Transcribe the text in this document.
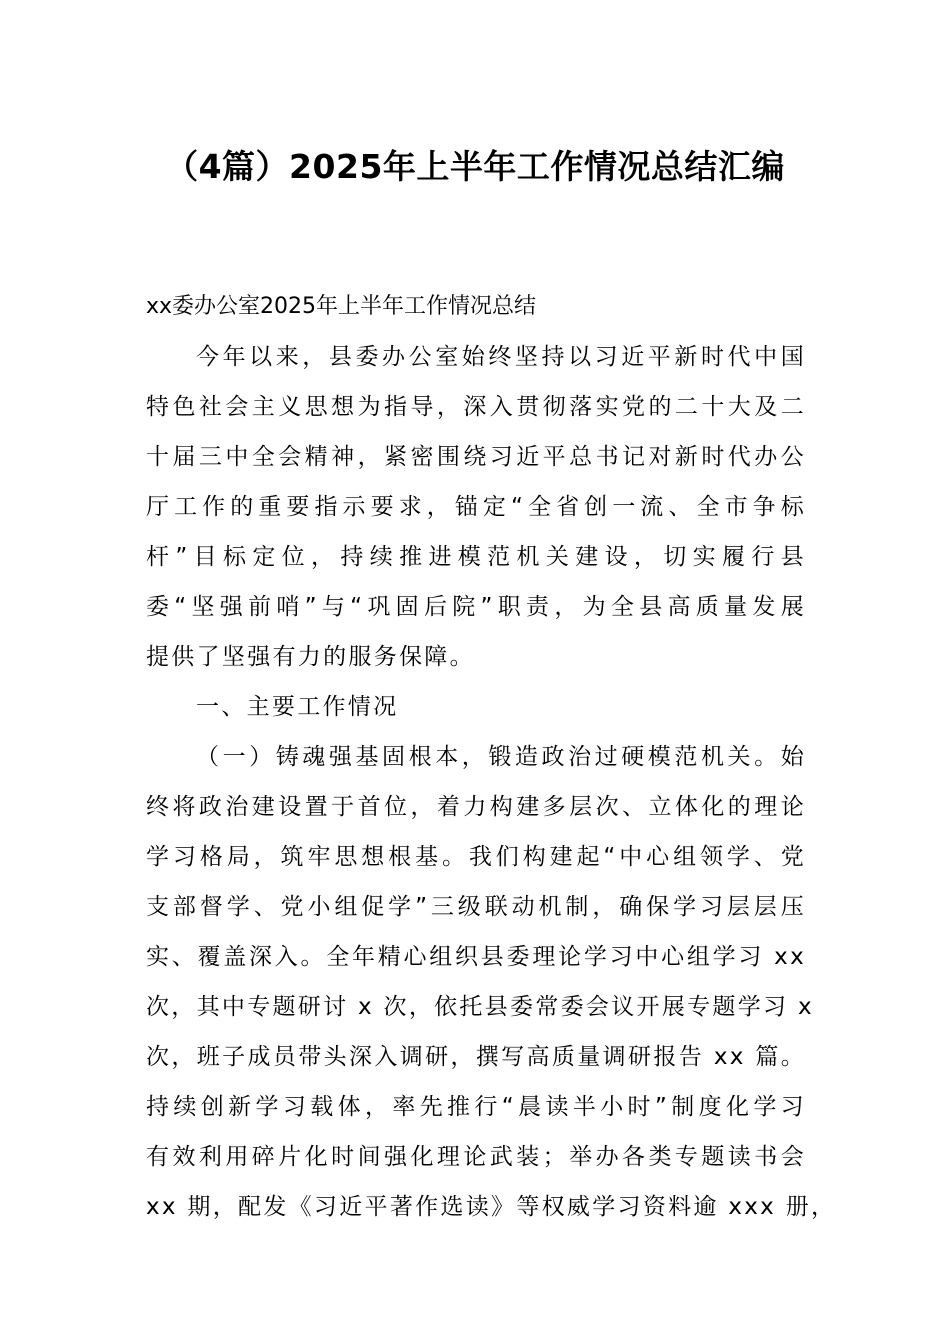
（4篇）2025年上半年工作情况总结汇编

xx委办公室2025年上半年工作情况总结

今年以来，县委办公室始终坚持以习近平新时代中国

特色社会主义思想为指导，深入贯彻落实党的二十大及二

十届三中全会精神，紧密围绕习近平总书记对新时代办公

厅工作的重要指示要求，锚定“全省创一流、全市争标

杆”目标定位，持续推进模范机关建设，切实履行县

委“坚强前哨”与“巩固后院”职责，为全县高质量发展

提供了坚强有力的服务保障。

一、主要工作情况

（一）铸魂强基固根本，锻造政治过硬模范机关。始

终将政治建设置于首位，着力构建多层次、立体化的理论

学习格局，筑牢思想根基。我们构建起“中心组领学、党

支部督学、党小组促学”三级联动机制，确保学习层层压

实、覆盖深入。全年精心组织县委理论学习中心组学习 xx

次，其中专题研讨 x 次，依托县委常委会议开展专题学习 x

次，班子成员带头深入调研，撰写高质量调研报告 xx 篇。

持续创新学习载体，率先推行“晨读半小时”制度化学习

有效利用碎片化时间强化理论武装；举办各类专题读书会

xx 期，配发《习近平著作选读》等权威学习资料逾 xxx 册，
